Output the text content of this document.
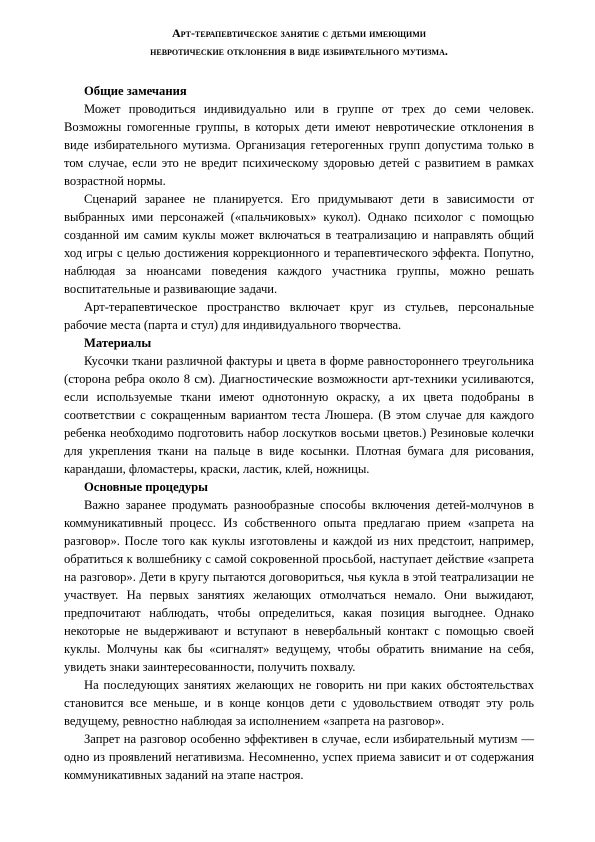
Арт-терапевтическое занятие с детьми имеющими
невротические отклонения в виде избирательного мутизма.
Общие замечания

Может проводиться индивидуально или в группе от трех до семи человек. Возможны гомогенные группы, в которых дети имеют невротические отклонения в виде избирательного мутизма. Организация гетерогенных групп допустима только в том случае, если это не вредит психическому здоровью детей с развитием в рамках возрастной нормы.

Сценарий заранее не планируется. Его придумывают дети в зависимости от выбранных ими персонажей («пальчиковых» кукол). Однако психолог с помощью созданной им самим куклы может включаться в театрализацию и направлять общий ход игры с целью достижения коррекционного и терапевтического эффекта. Попутно, наблюдая за нюансами поведения каждого участника группы, можно решать воспитательные и развивающие задачи.

Арт-терапевтическое пространство включает круг из стульев, персональные рабочие места (парта и стул) для индивидуального творчества.

Материалы

Кусочки ткани различной фактуры и цвета в форме равностороннего треугольника (сторона ребра около 8 см). Диагностические возможности арт-техники усиливаются, если используемые ткани имеют однотонную окраску, а их цвета подобраны в соответствии с сокращенным вариантом теста Люшера. (В этом случае для каждого ребенка необходимо подготовить набор лоскутков восьми цветов.) Резиновые колечки для укрепления ткани на пальце в виде косынки. Плотная бумага для рисования, карандаши, фломастеры, краски, ластик, клей, ножницы.

Основные процедуры

Важно заранее продумать разнообразные способы включения детей-молчунов в коммуникативный процесс. Из собственного опыта предлагаю прием «запрета на разговор». После того как куклы изготовлены и каждой из них предстоит, например, обратиться к волшебнику с самой сокровенной просьбой, наступает действие «запрета на разговор». Дети в кругу пытаются договориться, чья кукла в этой театрализации не участвует. На первых занятиях желающих отмолчаться немало. Они выжидают, предпочитают наблюдать, чтобы определиться, какая позиция выгоднее. Однако некоторые не выдерживают и вступают в невербальный контакт с помощью своей куклы. Молчуны как бы «сигналят» ведущему, чтобы обратить внимание на себя, увидеть знаки заинтересованности, получить похвалу.

На последующих занятиях желающих не говорить ни при каких обстоятельствах становится все меньше, и в конце концов дети с удовольствием отводят эту роль ведущему, ревностно наблюдая за исполнением «запрета на разговор».

Запрет на разговор особенно эффективен в случае, если избирательный мутизм — одно из проявлений негативизма. Несомненно, успех приема зависит и от содержания коммуникативных заданий на этапе настроя.
